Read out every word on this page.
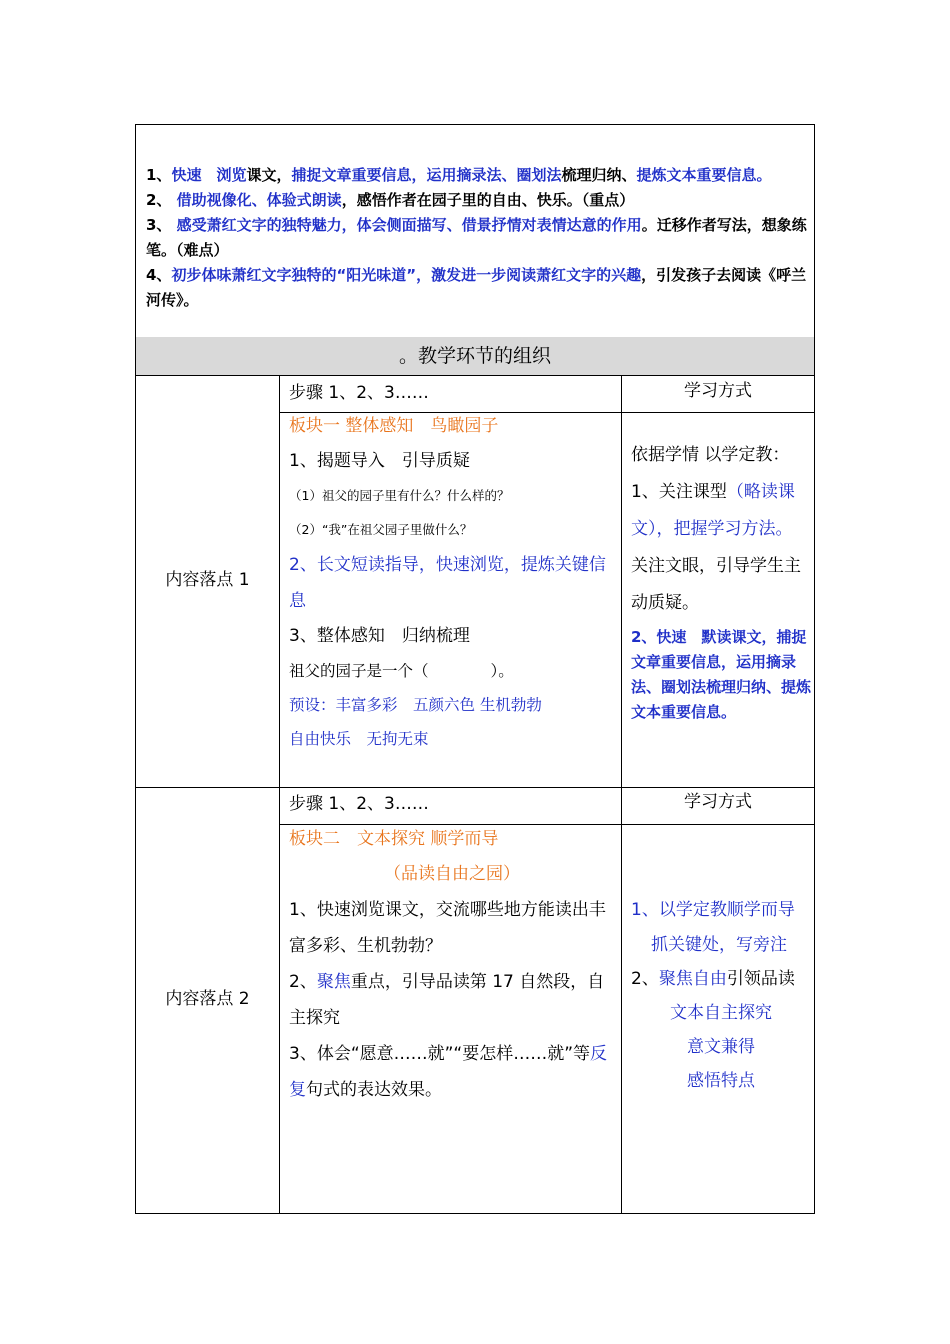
1、快速　 浏览课文，捕捉文章重要信息，运用摘录法、圈划法梳理归纳、提炼文本重要信息。

2、 借助视像化、体验式朗读，感悟作者在园子里的自由、快乐。（重点）

3、 感受萧红文字的独特魅力，体会侧面描写、借景抒情对表情达意的作用。迁移作者写法，想象练笔。（难点）

4、初步体味萧红文字独特的“阳光味道”，激发进一步阅读萧红文字的兴趣，引发孩子去阅读《呼兰河传》。

。教学环节的组织
内容落点 1
步骤 1、2、3……	学习方式
板块一 整体感知　鸟瞰园子
1、揭题导入　引导质疑
（1）祖父的园子里有什么？什么样的？
（2）“我”在祖父园子里做什么？
2、长文短读指导，快速浏览，提炼关键信息
3、整体感知　归纳梳理
祖父的园子是一个（　　　　）。
预设：丰富多彩　五颜六色 生机勃勃
自由快乐　无拘无束
依据学情 以学定教：
1、关注课型（略读课文），把握学习方法。
关注文眼，引导学生主动质疑。
2、快速　默读课文，捕捉文章重要信息，运用摘录法、圈划法梳理归纳、提炼文本重要信息。
内容落点 2
步骤 1、2、3……	学习方式
板块二　文本探究 顺学而导
（品读自由之园）
1、快速浏览课文，交流哪些地方能读出丰富多彩、生机勃勃？
2、聚焦重点，引导品读第 17 自然段，自主探究
3、体会“愿意……就”“要怎样……就”等反复句式的表达效果。
1、以学定教顺学而导
抓关键处，写旁注
2、聚焦自由引领品读
文本自主探究
意文兼得
感悟特点
